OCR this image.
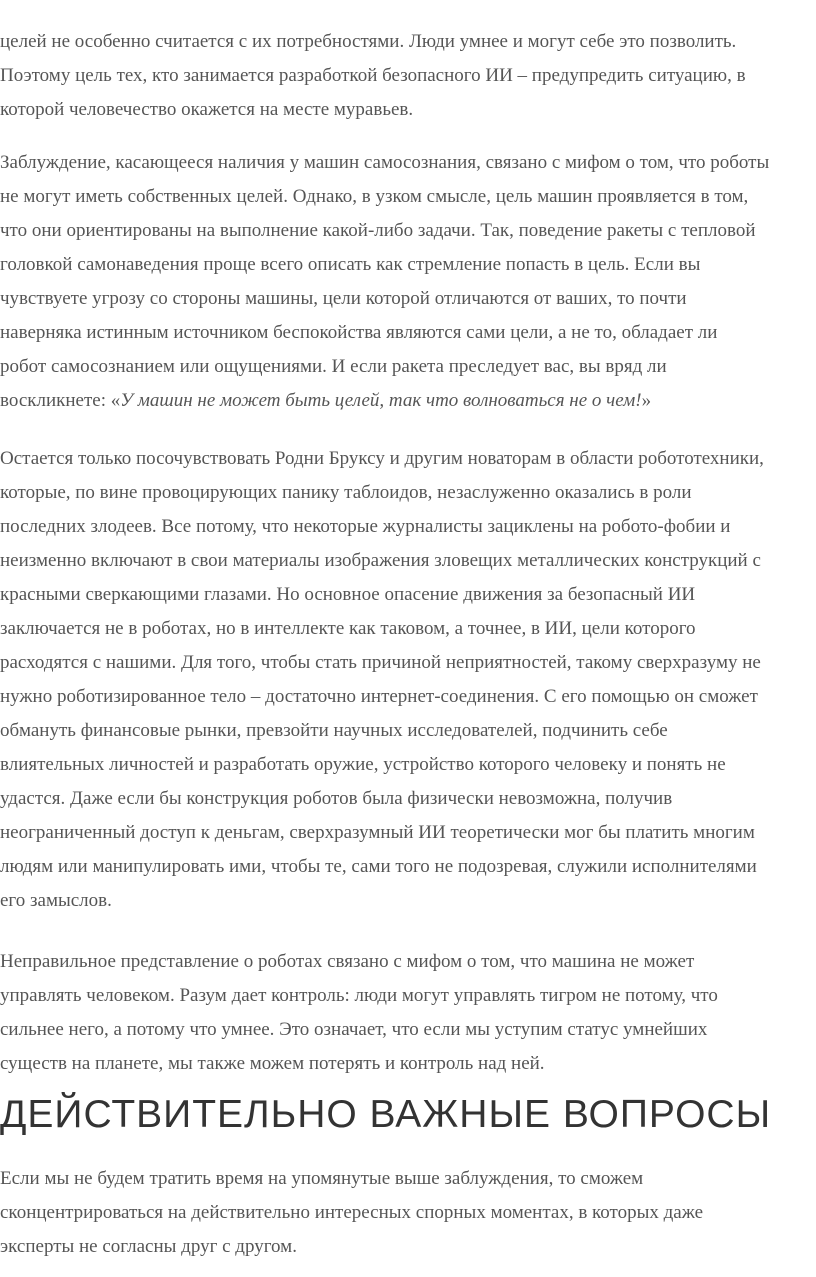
целей не особенно считается с их потребностями. Люди умнее и могут себе это позволить.
Поэтому цель тех, кто занимается разработкой безопасного ИИ – предупредить ситуацию, в
которой человечество окажется на месте муравьев.

Заблуждение, касающееся наличия у машин самосознания, связано с мифом о том, что роботы
не могут иметь собственных целей. Однако, в узком смысле, цель машин проявляется в том,
что они ориентированы на выполнение какой-либо задачи. Так, поведение ракеты с тепловой
головкой самонаведения проще всего описать как стремление попасть в цель. Если вы
чувствуете угрозу со стороны машины, цели которой отличаются от ваших, то почти
наверняка истинным источником беспокойства являются сами цели, а не то, обладает ли
робот самосознанием или ощущениями. И если ракета преследует вас, вы вряд ли
воскликнете: «У машин не может быть целей, так что волноваться не о чем!»

Остается только посочувствовать Родни Бруксу и другим новаторам в области робототехники,
которые, по вине провоцирующих панику таблоидов, незаслуженно оказались в роли
последних злодеев. Все потому, что некоторые журналисты зациклены на робото-фобии и
неизменно включают в свои материалы изображения зловещих металлических конструкций с
красными сверкающими глазами. Но основное опасение движения за безопасный ИИ
заключается не в роботах, но в интеллекте как таковом, а точнее, в ИИ, цели которого
расходятся с нашими. Для того, чтобы стать причиной неприятностей, такому сверхразуму не
нужно роботизированное тело – достаточно интернет-соединения. С его помощью он сможет
обмануть финансовые рынки, превзойти научных исследователей, подчинить себе
влиятельных личностей и разработать оружие, устройство которого человеку и понять не
удастся. Даже если бы конструкция роботов была физически невозможна, получив
неограниченный доступ к деньгам, сверхразумный ИИ теоретически мог бы платить многим
людям или манипулировать ими, чтобы те, сами того не подозревая, служили исполнителями
его замыслов.

Неправильное представление о роботах связано с мифом о том, что машина не может
управлять человеком. Разум дает контроль: люди могут управлять тигром не потому, что
сильнее него, а потому что умнее. Это означает, что если мы уступим статус умнейших
существ на планете, мы также можем потерять и контроль над ней.

ДЕЙСТВИТЕЛЬНО ВАЖНЫЕ ВОПРОСЫ

Если мы не будем тратить время на упомянутые выше заблуждения, то сможем
сконцентрироваться на действительно интересных спорных моментах, в которых даже
эксперты не согласны друг с другом.
